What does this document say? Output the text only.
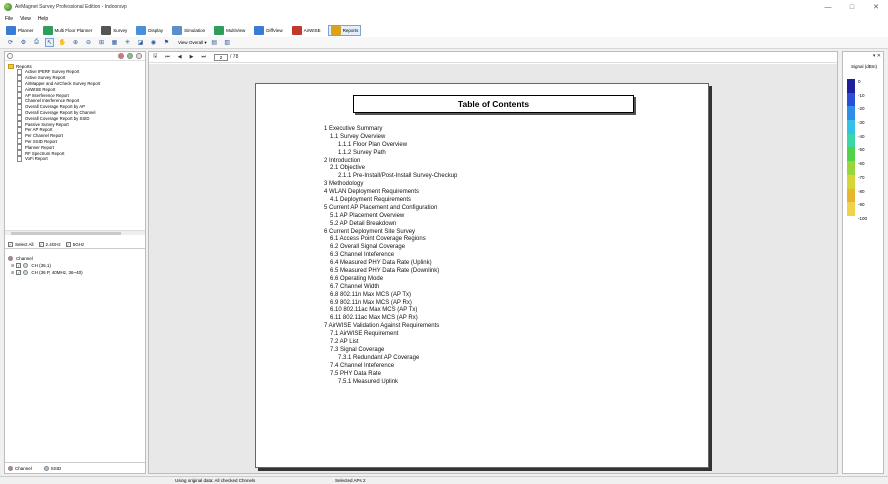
AirMagnet Survey Professional Edition - Indoorsvp	—	□	✕
File View Help
Planner	Multi Floor Planner	Survey	Display	Simulation	MultiView	DiffView	AirWISE	Reports
⟳	⚙	⎙	↖	✋	⊕	⊖	⊞	▦	✳	◪	◉	⚑	View Overall ▾ ▤ ▥
Reports
Active IPERF Survey Report
Active Survey Report
AirMapper and AirCheck Survey Report
AirWISE Report
AP Interference Report
Channel Interference Report
Overall Coverage Report by AP
Overall Coverage Report by Channel
Overall Coverage Report by SSID
Passive Survey Report
Per AP Report
Per Channel Report
Per SSID Report
Planner Report
RF Spectrum Report
VoFi Report
✓ Select All ✓ 2.4GHz ✓ 5GHz
Channel
⊞ ✓ CH (36,1)
⊞ ✓ CH (36 P, 40MHz, 36~40)
Channel	SSID
🖫 ⏮ ◀ ▶ ⏭	2	/ 78
Table of Contents
1 Executive Summary
1.1 Survey Overview
1.1.1 Floor Plan Overview
1.1.2 Survey Path
2 Introduction
2.1 Objective
2.1.1 Pre-Install/Post-Install Survey-Checkup
3 Methodology
4 WLAN Deployment Requirements
4.1 Deployment Requirements
5 Current AP Placement and Configuration
5.1 AP Placement Overview
5.2 AP Detail Breakdown
6 Current Deployment Site Survey
6.1 Access Point Coverage Regions
6.2 Overall Signal Coverage
6.3 Channel Inteference
6.4 Measured PHY Data Rate (Uplink)
6.5 Measured PHY Data Rate (Downlink)
6.6 Operating Mode
6.7 Channel Width
6.8 802.11n Max MCS (AP Tx)
6.9 802.11n Max MCS (AP Rx)
6.10 802.11ac Max MCS (AP Tx)
6.11 802.11ac Max MCS (AP Rx)
7 AirWISE Validation Against Requirements
7.1 AirWISE Requirement
7.2 AP List
7.3 Signal Coverage
7.3.1 Redundant AP Coverage
7.4 Channel Inteference
7.5 PHY Data Rate
7.5.1 Measured Uplink
▾ ✕
Signal (dBm)
0
-10
-20
-30
-40
-50
-60
-70
-80
-90
-100
Using original data: All checked Chnnels	Selected APs 2
